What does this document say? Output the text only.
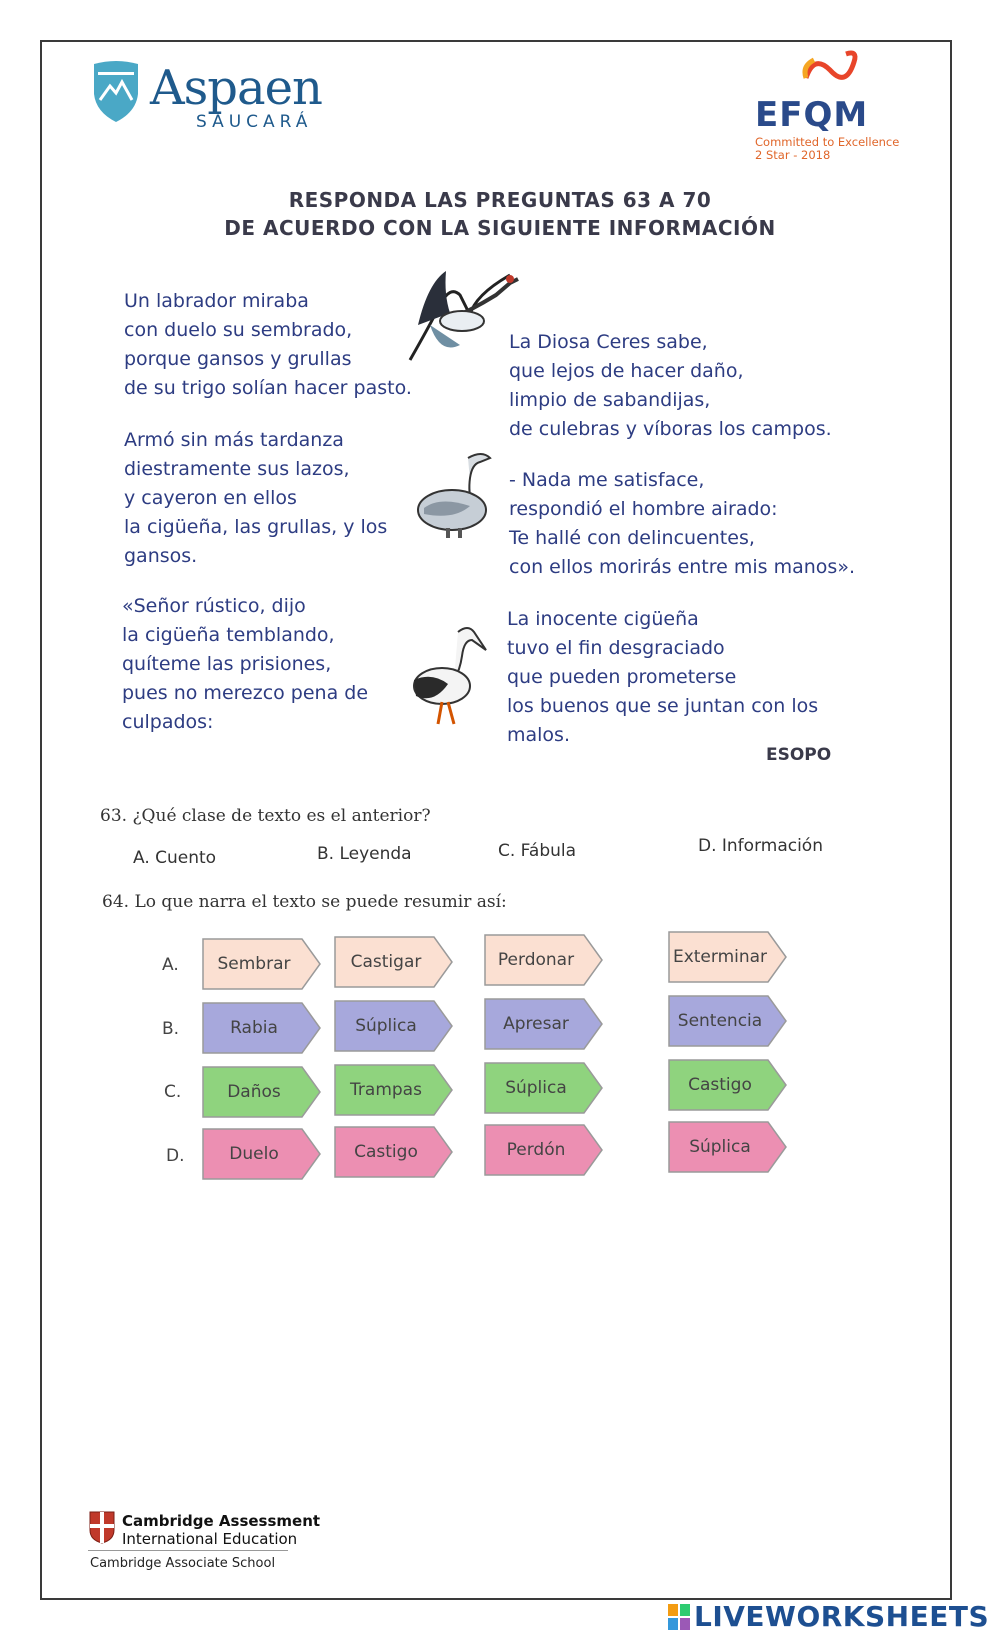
Aspaen
SAUCARÁ	EFQM
Committed to Excellence
2 Star - 2018
RESPONDA LAS PREGUNTAS 63 A 70
DE ACUERDO CON LA SIGUIENTE INFORMACIÓN
Un labrador miraba
con duelo su sembrado,
porque gansos y grullas
de su trigo solían hacer pasto.
Armó sin más tardanza
diestramente sus lazos,
y cayeron en ellos
la cigüeña, las grullas, y los
gansos.
«Señor rústico, dijo
la cigüeña temblando,
quíteme las prisiones,
pues no merezco pena de
culpados:
La Diosa Ceres sabe,
que lejos de hacer daño,
limpio de sabandijas,
de culebras y víboras los campos.
- Nada me satisface,
respondió el hombre airado:
Te hallé con delincuentes,
con ellos morirás entre mis manos».
La inocente cigüeña
tuvo el fin desgraciado
que pueden prometerse
los buenos que se juntan con los
malos.
ESOPO
63. ¿Qué clase de texto es el anterior?
A. Cuento	B. Leyenda	C. Fábula	D. Información
64. Lo que narra el texto se puede resumir así:
A.
B.
C.
D.
Sembrar	Castigar	Perdonar	Exterminar
Rabia	Súplica	Apresar	Sentencia
Daños	Trampas	Súplica	Castigo
Duelo	Castigo	Perdón	Súplica
Cambridge Assessment
International Education
Cambridge Associate School
LIVEWORKSHEETS
